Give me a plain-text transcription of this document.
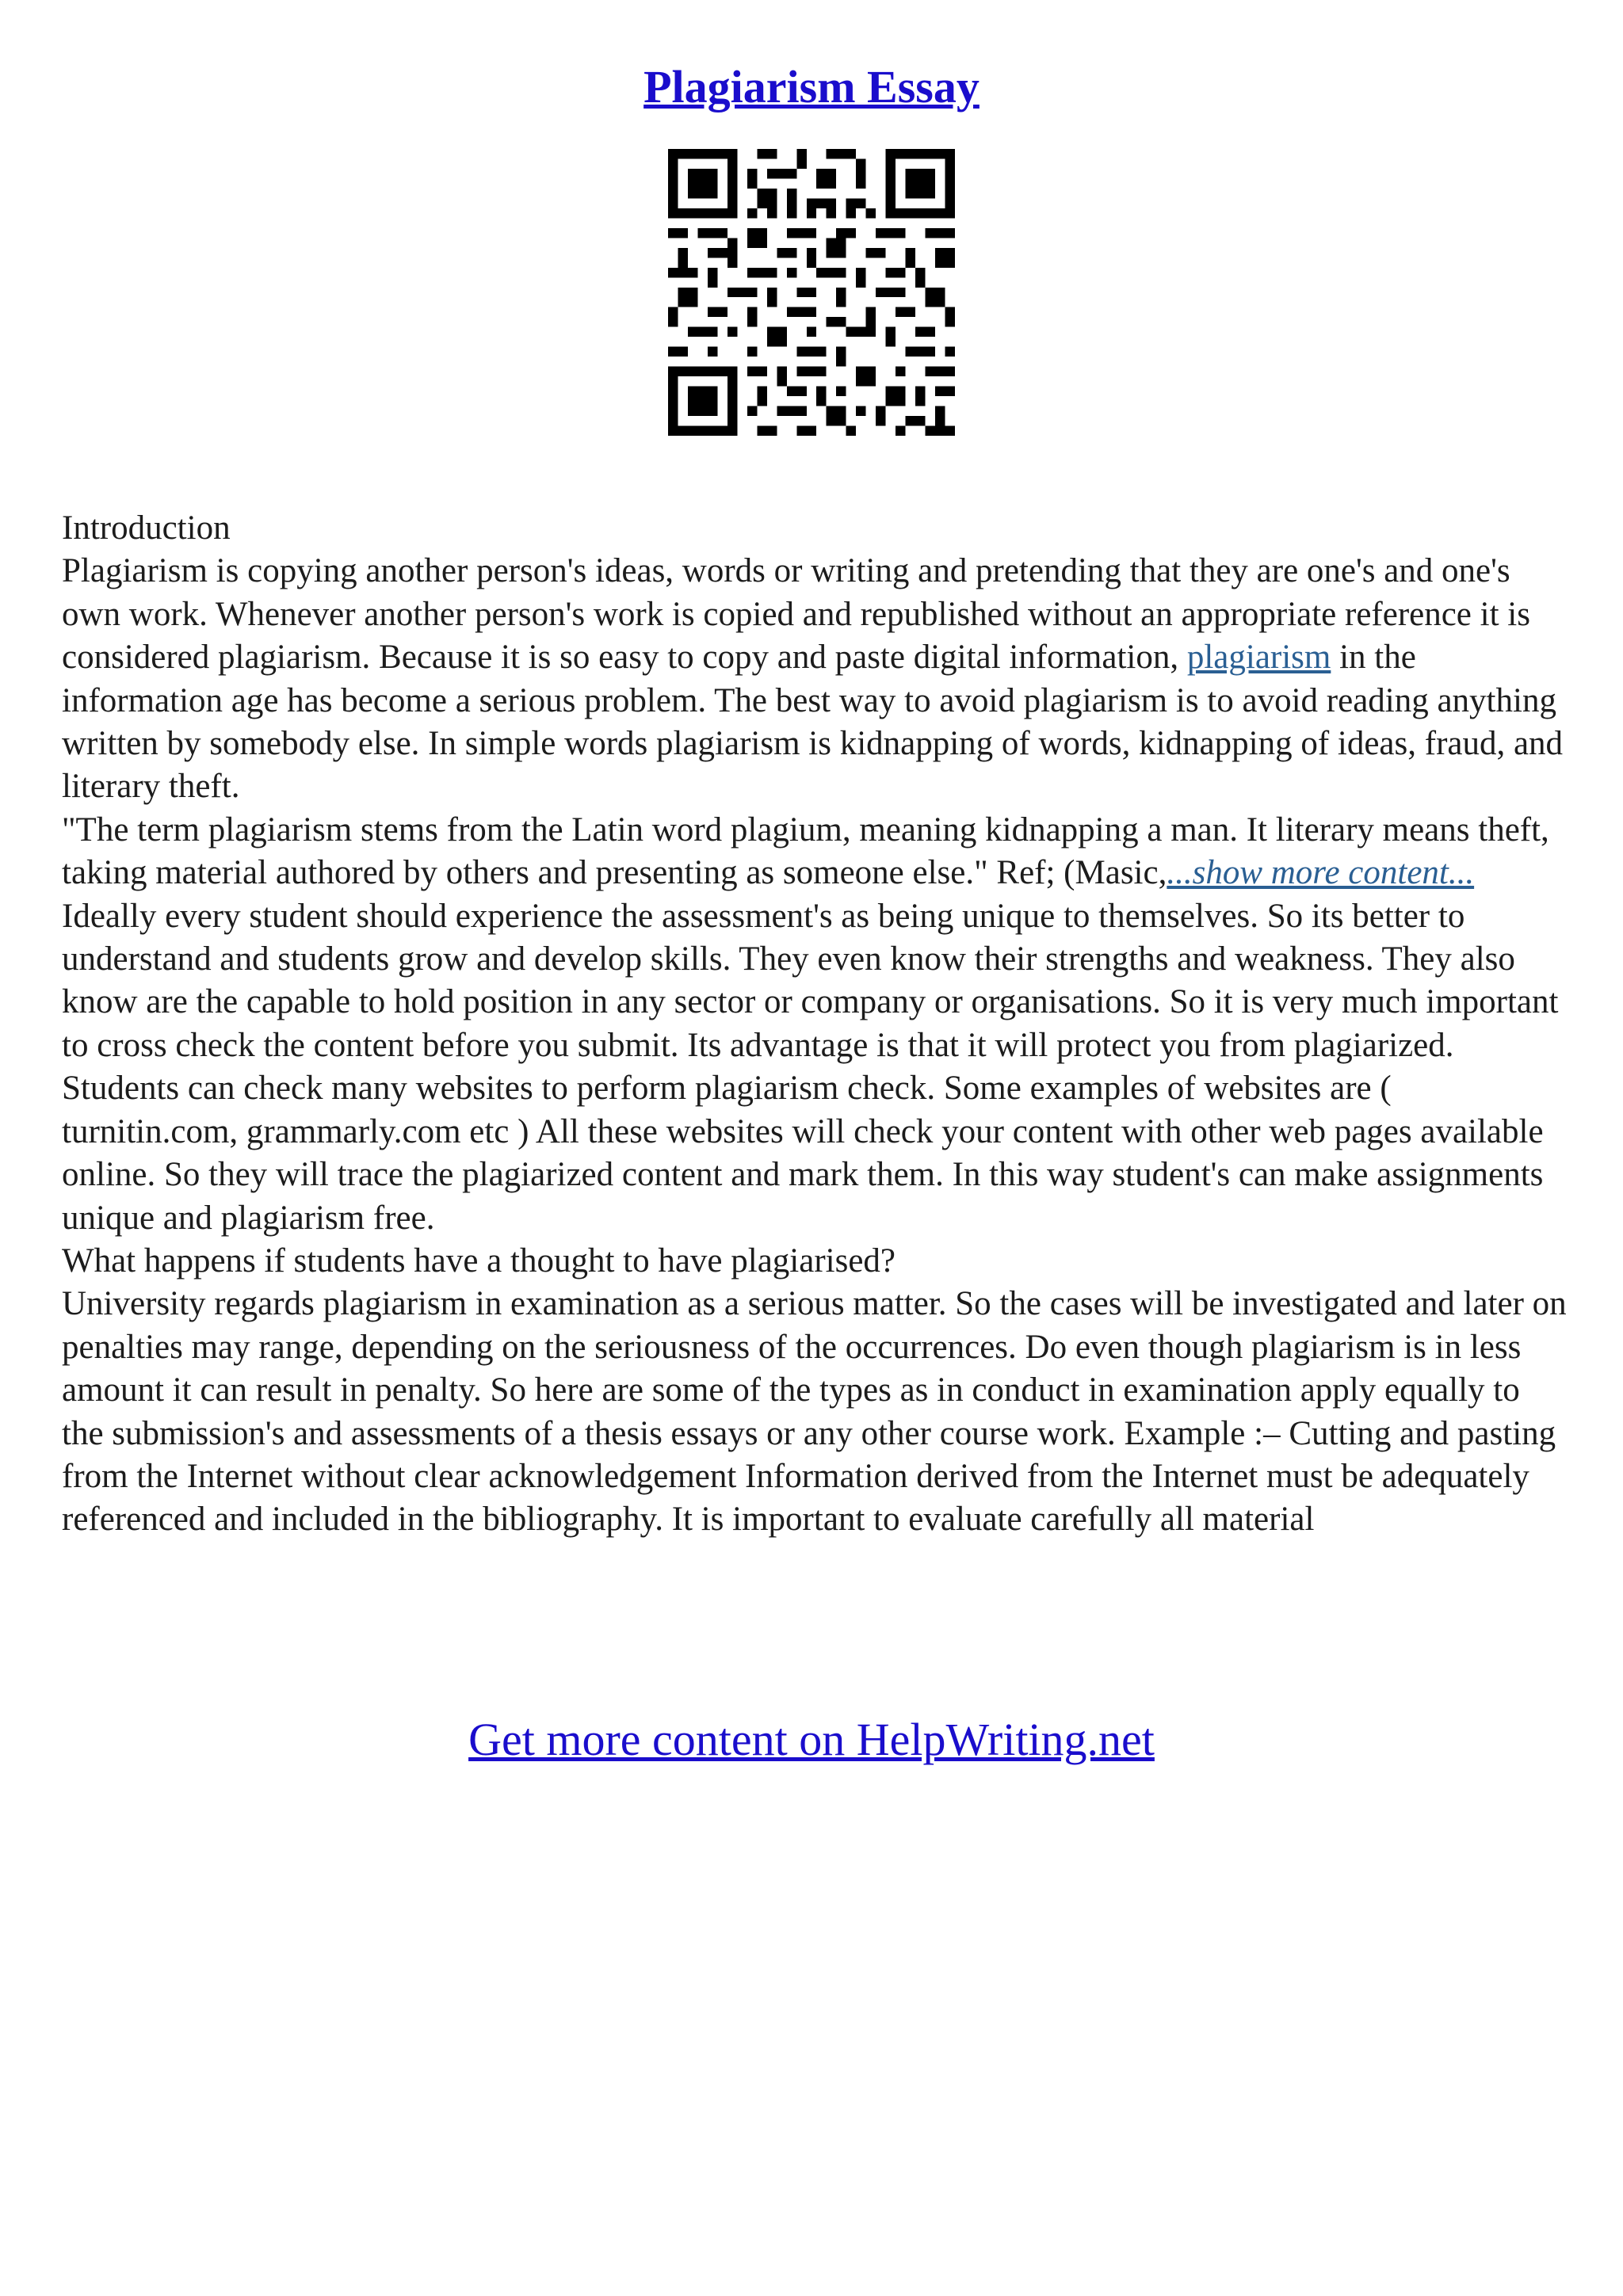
Plagiarism Essay

Introduction

Plagiarism is copying another person's ideas, words or writing and pretending that they are one's and one's own work. Whenever another person's work is copied and republished without an appropriate reference it is considered plagiarism. Because it is so easy to copy and paste digital information, plagiarism in the information age has become a serious problem. The best way to avoid plagiarism is to avoid reading anything written by somebody else. In simple words plagiarism is kidnapping of words, kidnapping of ideas, fraud, and literary theft.

"The term plagiarism stems from the Latin word plagium, meaning kidnapping a man. It literary means theft, taking material authored by others and presenting as someone else." Ref; (Masic,...show more content...

Ideally every student should experience the assessment's as being unique to themselves. So its better to understand and students grow and develop skills. They even know their strengths and weakness. They also know are the capable to hold position in any sector or company or organisations. So it is very much important to cross check the content before you submit. Its advantage is that it will protect you from plagiarized. Students can check many websites to perform plagiarism check. Some examples of websites are ( turnitin.com, grammarly.com etc ) All these websites will check your content with other web pages available online. So they will trace the plagiarized content and mark them. In this way student's can make assignments unique and plagiarism free.

What happens if students have a thought to have plagiarised?

University regards plagiarism in examination as a serious matter. So the cases will be investigated and later on penalties may range, depending on the seriousness of the occurrences. Do even though plagiarism is in less amount it can result in penalty. So here are some of the types as in conduct in examination apply equally to the submission's and assessments of a thesis essays or any other course work. Example :– Cutting and pasting from the Internet without clear acknowledgement Information derived from the Internet must be adequately referenced and included in the bibliography. It is important to evaluate carefully all material

Get more content on HelpWriting.net
